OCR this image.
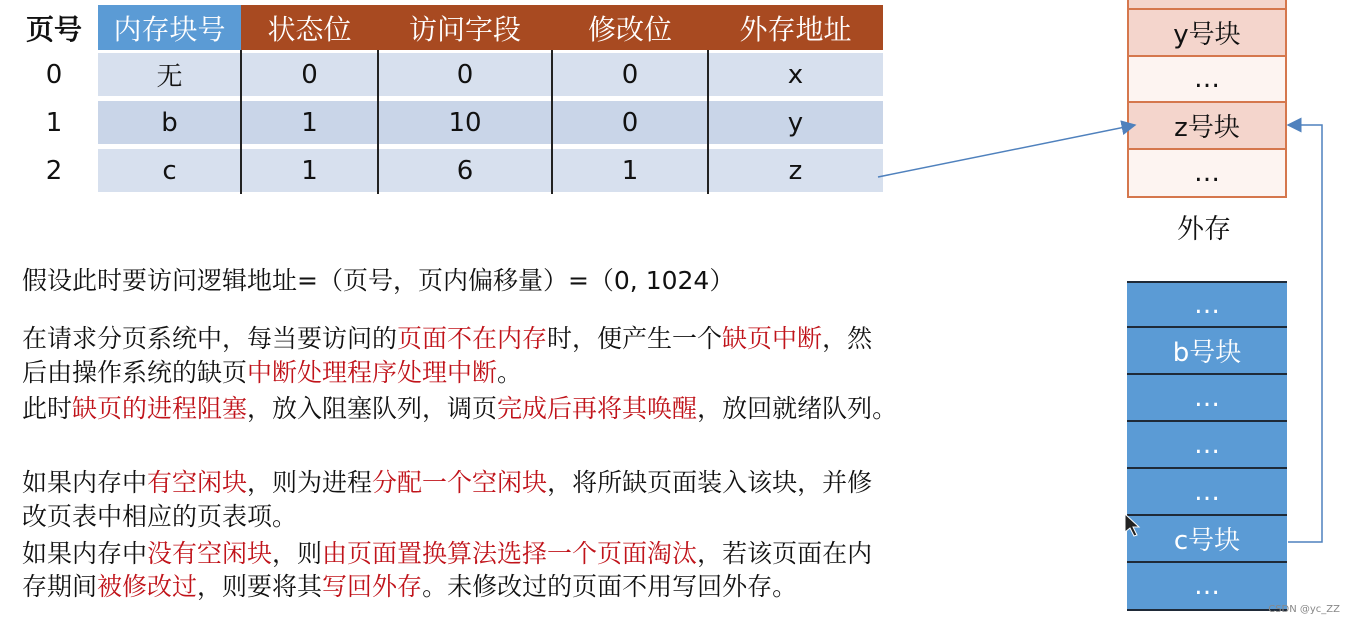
页号	内存块号	状态位	访问字段	修改位	外存地址
0	无	0	0	0	x
1	b	1	10	0	y
2	c	1	6	1	z
y号块
…
z号块
…
外存
…
b号块
…
…
…
c号块
…
假设此时要访问逻辑地址=（页号，页内偏移量）=（0, 1024）
在请求分页系统中，每当要访问的页面不在内存时，便产生一个缺页中断，然
后由操作系统的缺页中断处理程序处理中断。
此时缺页的进程阻塞，放入阻塞队列，调页完成后再将其唤醒，放回就绪队列。
如果内存中有空闲块，则为进程分配一个空闲块，将所缺页面装入该块，并修
改页表中相应的页表项。
如果内存中没有空闲块，则由页面置换算法选择一个页面淘汰，若该页面在内
存期间被修改过，则要将其写回外存。未修改过的页面不用写回外存。
CSDN @yc_ZZ
